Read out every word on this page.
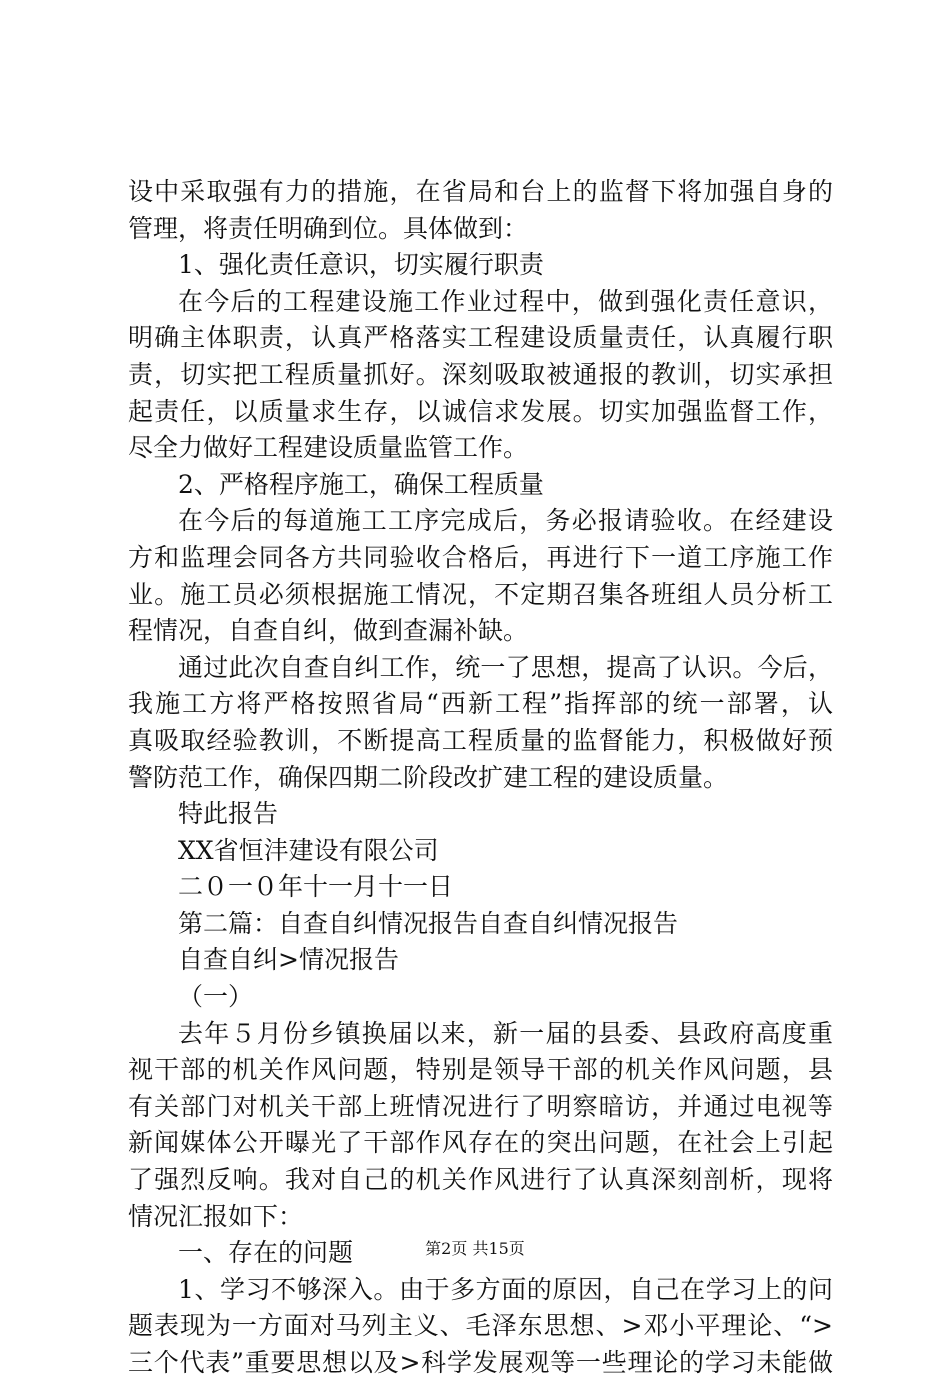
设中采取强有力的措施，在省局和台上的监督下将加强自身的
管理，将责任明确到位。具体做到：
1、强化责任意识，切实履行职责
在今后的工程建设施工作业过程中，做到强化责任意识，
明确主体职责，认真严格落实工程建设质量责任，认真履行职
责，切实把工程质量抓好。深刻吸取被通报的教训，切实承担
起责任，以质量求生存，以诚信求发展。切实加强监督工作，
尽全力做好工程建设质量监管工作。
2、严格程序施工，确保工程质量
在今后的每道施工工序完成后，务必报请验收。在经建设
方和监理会同各方共同验收合格后，再进行下一道工序施工作
业。施工员必须根据施工情况，不定期召集各班组人员分析工
程情况，自查自纠，做到查漏补缺。
通过此次自查自纠工作，统一了思想，提高了认识。今后，
我施工方将严格按照省局“西新工程”指挥部的统一部署，认
真吸取经验教训，不断提高工程质量的监督能力，积极做好预
警防范工作，确保四期二阶段改扩建工程的建设质量。
特此报告
XX省恒沣建设有限公司
二０一０年十一月十一日
第二篇：自查自纠情况报告自查自纠情况报告
自查自纠>情况报告
（一）
去年５月份乡镇换届以来，新一届的县委、县政府高度重
视干部的机关作风问题，特别是领导干部的机关作风问题，县
有关部门对机关干部上班情况进行了明察暗访，并通过电视等
新闻媒体公开曝光了干部作风存在的突出问题，在社会上引起
了强烈反响。我对自己的机关作风进行了认真深刻剖析，现将
情况汇报如下：
一、存在的问题
1、学习不够深入。由于多方面的原因，自己在学习上的问
题表现为一方面对马列主义、毛泽东思想、>邓小平理论、“>
三个代表”重要思想以及>科学发展观等一些理论的学习未能做
第2页 共15页
